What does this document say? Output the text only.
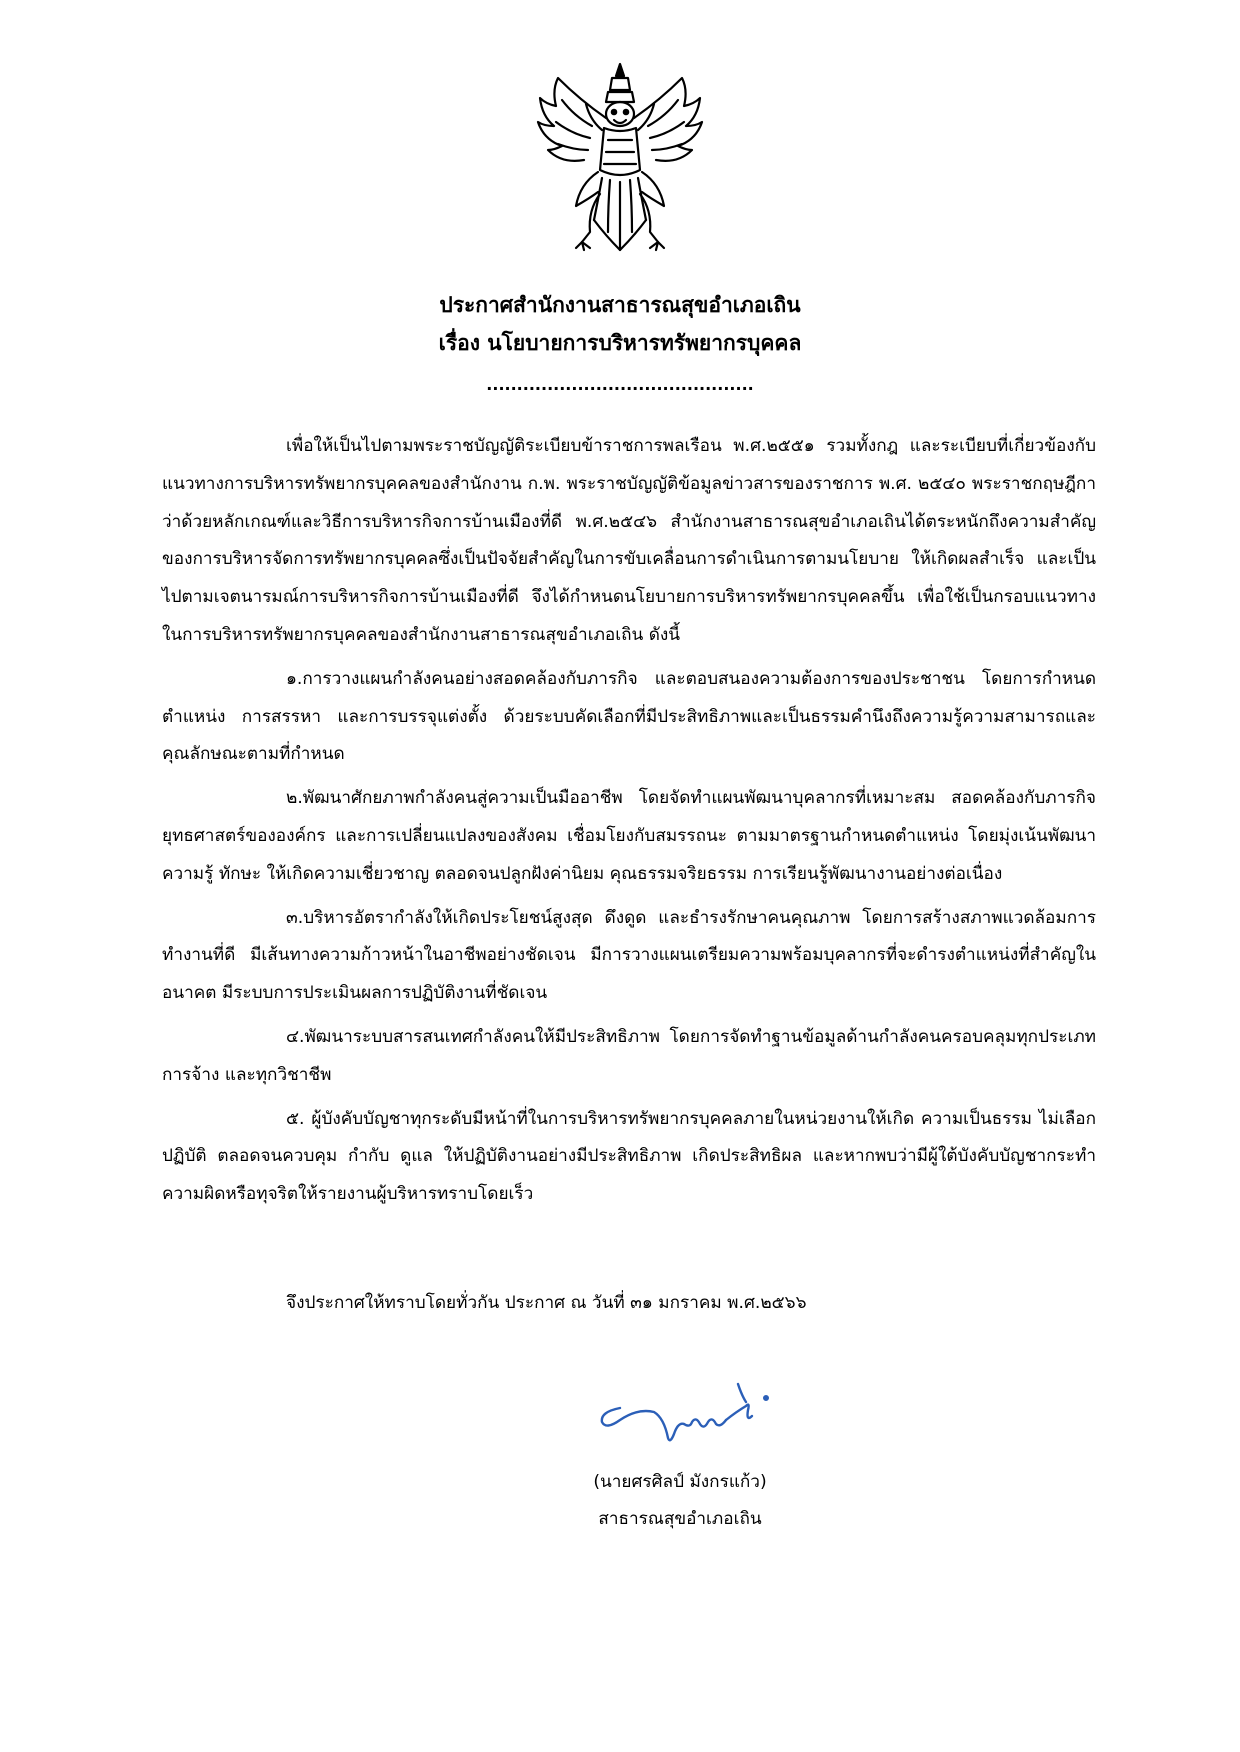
ประกาศสำนักงานสาธารณสุขอำเภอเถิน
เรื่อง นโยบายการบริหารทรัพยากรบุคคล
............................................

เพื่อให้เป็นไปตามพระราชบัญญัติระเบียบข้าราชการพลเรือน พ.ศ.๒๕๕๑ รวมทั้งกฎ และระเบียบที่เกี่ยวข้องกับแนวทางการบริหารทรัพยากรบุคคลของสำนักงาน ก.พ. พระราชบัญญัติข้อมูลข่าวสารของราชการ พ.ศ. ๒๕๔๐ พระราชกฤษฎีกาว่าด้วยหลักเกณฑ์และวิธีการบริหารกิจการบ้านเมืองที่ดี พ.ศ.๒๕๔๖ สำนักงานสาธารณสุขอำเภอเถินได้ตระหนักถึงความสำคัญของการบริหารจัดการทรัพยากรบุคคลซึ่งเป็นปัจจัยสำคัญในการขับเคลื่อนการดำเนินการตามนโยบาย ให้เกิดผลสำเร็จ และเป็นไปตามเจตนารมณ์การบริหารกิจการบ้านเมืองที่ดี จึงได้กำหนดนโยบายการบริหารทรัพยากรบุคคลขึ้น เพื่อใช้เป็นกรอบแนวทางในการบริหารทรัพยากรบุคคลของสำนักงานสาธารณสุขอำเภอเถิน ดังนี้

๑.การวางแผนกำลังคนอย่างสอดคล้องกับภารกิจ และตอบสนองความต้องการของประชาชน โดยการกำหนดตำแหน่ง การสรรหา และการบรรจุแต่งตั้ง ด้วยระบบคัดเลือกที่มีประสิทธิภาพและเป็นธรรมคำนึงถึงความรู้ความสามารถและคุณลักษณะตามที่กำหนด

๒.พัฒนาศักยภาพกำลังคนสู่ความเป็นมืออาชีพ โดยจัดทำแผนพัฒนาบุคลากรที่เหมาะสม สอดคล้องกับภารกิจ ยุทธศาสตร์ขององค์กร และการเปลี่ยนแปลงของสังคม เชื่อมโยงกับสมรรถนะ ตามมาตรฐานกำหนดตำแหน่ง โดยมุ่งเน้นพัฒนาความรู้ ทักษะ ให้เกิดความเชี่ยวชาญ ตลอดจนปลูกฝังค่านิยม คุณธรรมจริยธรรม การเรียนรู้พัฒนางานอย่างต่อเนื่อง

๓.บริหารอัตรากำลังให้เกิดประโยชน์สูงสุด ดึงดูด และธำรงรักษาคนคุณภาพ โดยการสร้างสภาพแวดล้อมการทำงานที่ดี มีเส้นทางความก้าวหน้าในอาชีพอย่างชัดเจน มีการวางแผนเตรียมความพร้อมบุคลากรที่จะดำรงตำแหน่งที่สำคัญในอนาคต มีระบบการประเมินผลการปฏิบัติงานที่ชัดเจน

๔.พัฒนาระบบสารสนเทศกำลังคนให้มีประสิทธิภาพ โดยการจัดทำฐานข้อมูลด้านกำลังคนครอบคลุมทุกประเภทการจ้าง และทุกวิชาชีพ

๕. ผู้บังคับบัญชาทุกระดับมีหน้าที่ในการบริหารทรัพยากรบุคคลภายในหน่วยงานให้เกิด ความเป็นธรรม ไม่เลือกปฏิบัติ ตลอดจนควบคุม กำกับ ดูแล ให้ปฏิบัติงานอย่างมีประสิทธิภาพ เกิดประสิทธิผล และหากพบว่ามีผู้ใต้บังคับบัญชากระทำความผิดหรือทุจริตให้รายงานผู้บริหารทราบโดยเร็ว

จึงประกาศให้ทราบโดยทั่วกัน ประกาศ ณ วันที่ ๓๑ มกราคม พ.ศ.๒๕๖๖
(นายศรศิลป์ มังกรแก้ว)
สาธารณสุขอำเภอเถิน
